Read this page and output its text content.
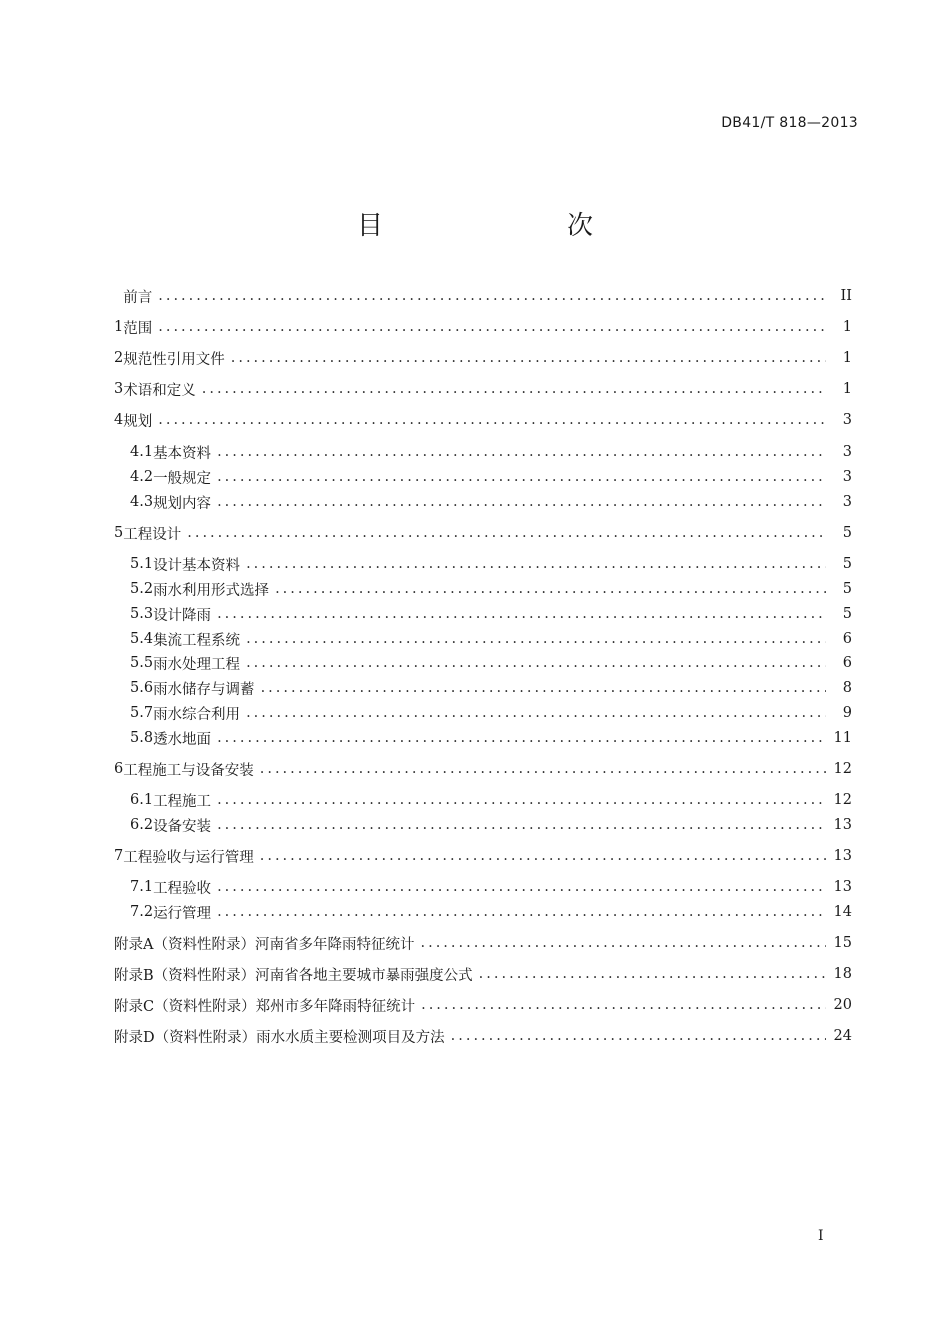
DB41/T 818—2013
目　　次
前言 .....	II
1 范围 .....	1
2 规范性引用文件 .....	1
3 术语和定义 .....	1
4 规划 .....	3
4.1 基本资料 .....	3
4.2 一般规定 .....	3
4.3 规划内容 .....	3
5 工程设计 .....	5
5.1 设计基本资料 .....	5
5.2 雨水利用形式选择 .....	5
5.3 设计降雨 .....	5
5.4 集流工程系统 .....	6
5.5 雨水处理工程 .....	6
5.6 雨水储存与调蓄 .....	8
5.7 雨水综合利用 .....	9
5.8 透水地面 .....	11
6 工程施工与设备安装 .....	12
6.1 工程施工 .....	12
6.2 设备安装 .....	13
7 工程验收与运行管理 .....	13
7.1 工程验收 .....	13
7.2 运行管理 .....	14
附录A（资料性附录） 河南省多年降雨特征统计 .....	15
附录B（资料性附录） 河南省各地主要城市暴雨强度公式 .....	18
附录C（资料性附录） 郑州市多年降雨特征统计 .....	20
附录D（资料性附录） 雨水水质主要检测项目及方法 .....	24
I
